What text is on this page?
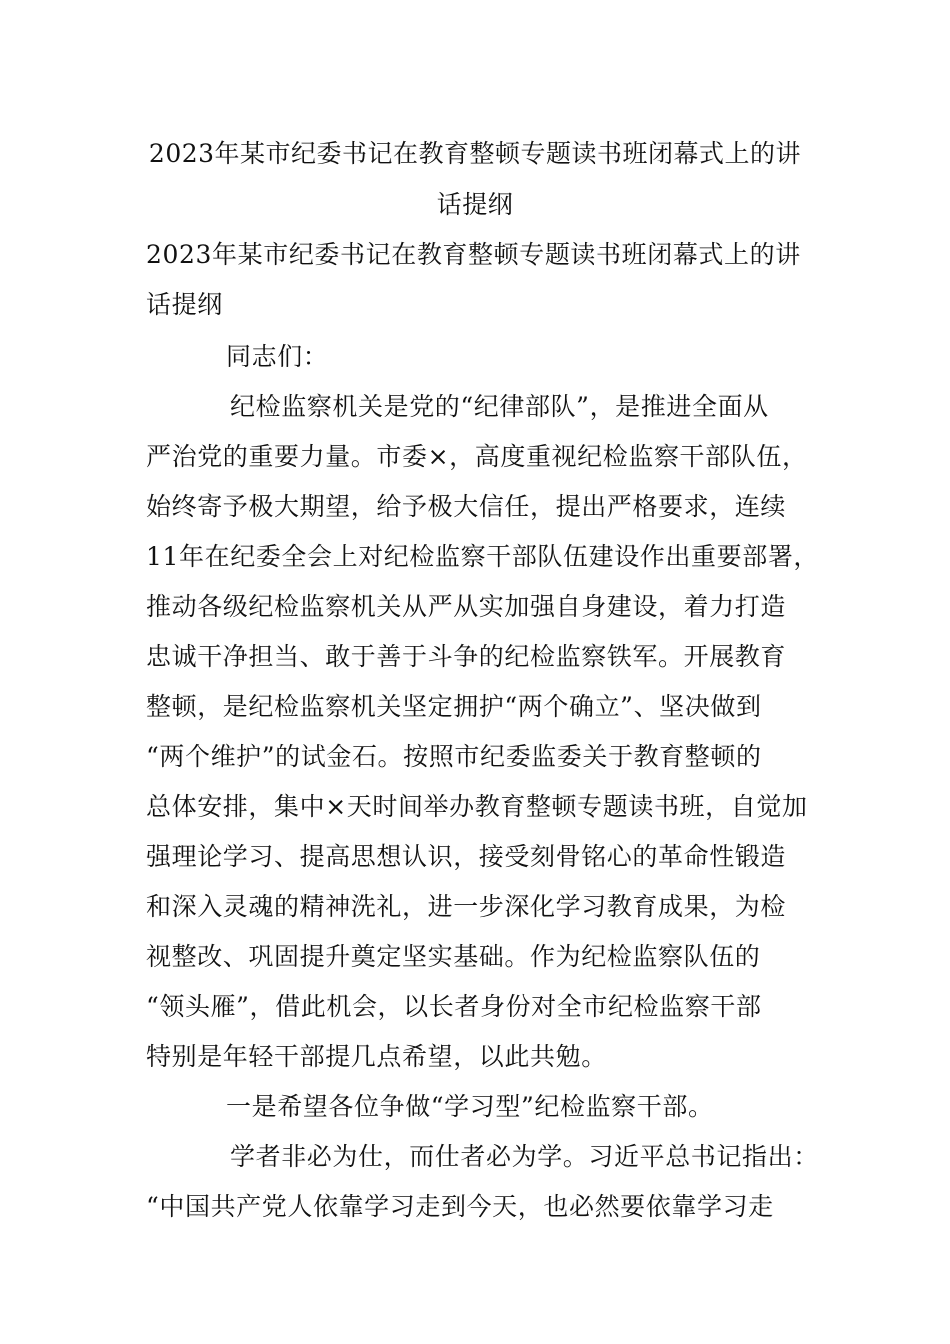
2023年某市纪委书记在教育整顿专题读书班闭幕式上的讲
话提纲
2023年某市纪委书记在教育整顿专题读书班闭幕式上的讲
话提纲
同志们：
纪检监察机关是党的“纪律部队”，是推进全面从
严治党的重要力量。市委×，高度重视纪检监察干部队伍，
始终寄予极大期望，给予极大信任，提出严格要求，连续
11年在纪委全会上对纪检监察干部队伍建设作出重要部署，
推动各级纪检监察机关从严从实加强自身建设，着力打造
忠诚干净担当、敢于善于斗争的纪检监察铁军。开展教育
整顿，是纪检监察机关坚定拥护“两个确立”、坚决做到
“两个维护”的试金石。按照市纪委监委关于教育整顿的
总体安排，集中×天时间举办教育整顿专题读书班，自觉加
强理论学习、提高思想认识，接受刻骨铭心的革命性锻造
和深入灵魂的精神洗礼，进一步深化学习教育成果，为检
视整改、巩固提升奠定坚实基础。作为纪检监察队伍的
“领头雁”，借此机会，以长者身份对全市纪检监察干部
特别是年轻干部提几点希望，以此共勉。
一是希望各位争做“学习型”纪检监察干部。
学者非必为仕，而仕者必为学。习近平总书记指出：
“中国共产党人依靠学习走到今天，也必然要依靠学习走
